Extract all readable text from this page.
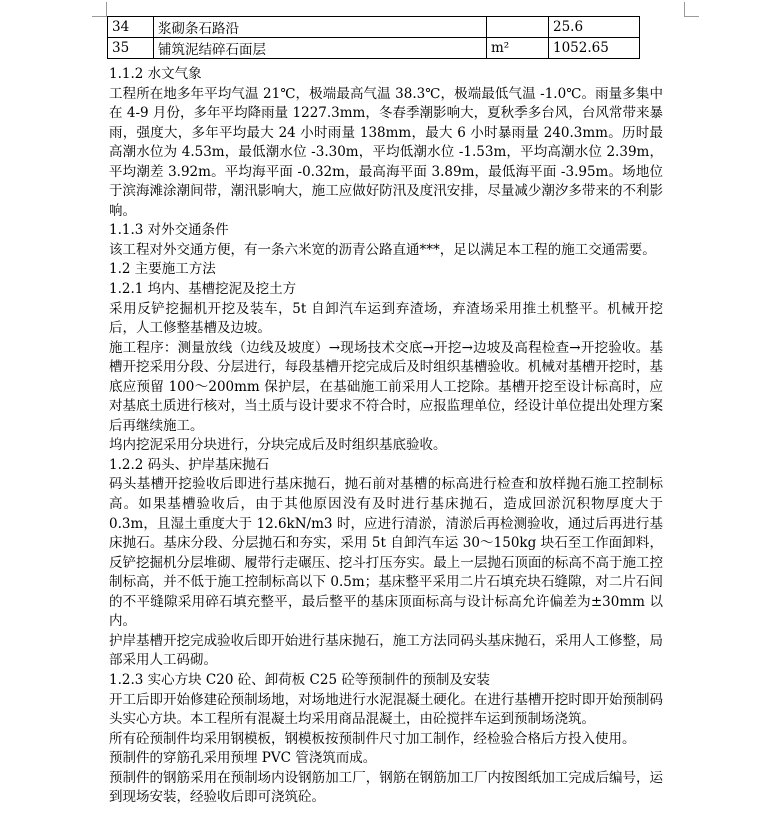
34	浆砌条石路沿		25.6
35	铺筑泥结碎石面层	m²	1052.65

1.1.2 水文气象

工程所在地多年平均气温 21℃，极端最高气温 38.3℃，极端最低气温 -1.0℃。雨量多集中在 4-9 月份，多年平均降雨量 1227.3mm，冬春季潮影响大，夏秋季多台风，台风常带来暴雨，强度大，多年平均最大 24 小时雨量 138mm，最大 6 小时暴雨量 240.3mm。历时最高潮水位为 4.53m，最低潮水位 -3.30m，平均低潮水位 -1.53m，平均高潮水位 2.39m，平均潮差 3.92m。平均海平面 -0.32m，最高海平面 3.89m，最低海平面 -3.95m。场地位于滨海滩涂潮间带，潮汛影响大，施工应做好防汛及度汛安排，尽量减少潮汐多带来的不利影响。

1.1.3 对外交通条件

该工程对外交通方便，有一条六米宽的沥青公路直通***，足以满足本工程的施工交通需要。

1.2 主要施工方法

1.2.1 坞内、基槽挖泥及挖土方

采用反铲挖掘机开挖及装车，5t 自卸汽车运到弃渣场，弃渣场采用推土机整平。机械开挖后，人工修整基槽及边坡。

施工程序：测量放线（边线及坡度）→现场技术交底→开挖→边坡及高程检查→开挖验收。基槽开挖采用分段、分层进行，每段基槽开挖完成后及时组织基槽验收。机械对基槽开挖时，基底应预留 100～200mm 保护层，在基础施工前采用人工挖除。基槽开挖至设计标高时，应对基底土质进行核对，当土质与设计要求不符合时，应报监理单位，经设计单位提出处理方案后再继续施工。

坞内挖泥采用分块进行，分块完成后及时组织基底验收。

1.2.2 码头、护岸基床抛石

码头基槽开挖验收后即进行基床抛石，抛石前对基槽的标高进行检查和放样抛石施工控制标高。如果基槽验收后，由于其他原因没有及时进行基床抛石，造成回淤沉积物厚度大于 0.3m，且湿土重度大于 12.6kN/m3 时，应进行清淤，清淤后再检测验收，通过后再进行基床抛石。基床分段、分层抛石和夯实，采用 5t 自卸汽车运 30～150kg 块石至工作面卸料，反铲挖掘机分层堆砌、履带行走碾压、挖斗打压夯实。最上一层抛石顶面的标高不高于施工控制标高，并不低于施工控制标高以下 0.5m；基床整平采用二片石填充块石缝隙，对二片石间的不平缝隙采用碎石填充整平，最后整平的基床顶面标高与设计标高允许偏差为±30mm 以内。

护岸基槽开挖完成验收后即开始进行基床抛石，施工方法同码头基床抛石，采用人工修整，局部采用人工码砌。

1.2.3 实心方块 C20 砼、卸荷板 C25 砼等预制件的预制及安装

开工后即开始修建砼预制场地，对场地进行水泥混凝土硬化。在进行基槽开挖时即开始预制码头实心方块。本工程所有混凝土均采用商品混凝土，由砼搅拌车运到预制场浇筑。

所有砼预制件均采用钢模板，钢模板按预制件尺寸加工制作，经检验合格后方投入使用。

预制件的穿筋孔采用预埋 PVC 管浇筑而成。

预制件的钢筋采用在预制场内设钢筋加工厂，钢筋在钢筋加工厂内按图纸加工完成后编号，运到现场安装，经验收后即可浇筑砼。
